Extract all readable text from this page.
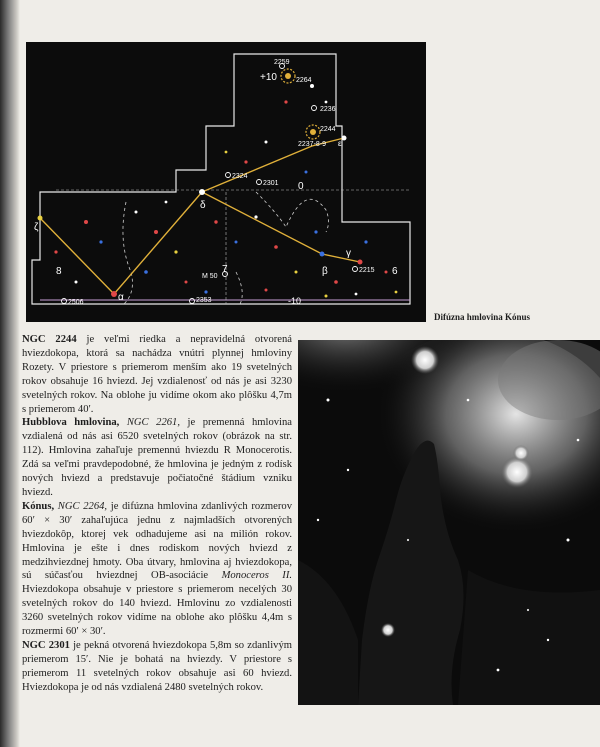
2259
2264
2236
2244
2237-8-9
2324
2301
2215
2506	2353
M 50
+10
0
-10
8	7	6
α
β
γ
δ
ζ
ε
Difúzna hmlovina Kónus

NGC 2244 je veľmi riedka a nepravidelná otvorená hviezdokopa, ktorá sa nachádza vnútri plynnej hmloviny Rozety. V priestore s priemerom menším ako 19 svetelných rokov obsahuje 16 hviezd. Jej vzdialenosť od nás je asi 3230 svetelných rokov. Na oblohe ju vidíme okom ako plôšku 4,7m s priemerom 40′.

Hubblova hmlovina, NGC 2261, je premenná hmlovina vzdialená od nás asi 6520 svetelných rokov (obrázok na str. 112). Hmlovina zahaľuje premennú hviezdu R Monocerotis. Zdá sa veľmi pravdepodobné, že hmlovina je jedným z rodísk nových hviezd a predstavuje počiatočné štádium vzniku hviezd.

Kónus, NGC 2264, je difúzna hmlovina zdanlivých rozmerov 60′ × 30′ zahaľujúca jednu z najmladších otvorených hviezdokôp, ktorej vek odhadujeme asi na milión rokov. Hmlovina je ešte i dnes rodiskom nových hviezd z medzihviezdnej hmoty. Oba útvary, hmlovina aj hviezdokopa, sú súčasťou hviezdnej OB-asociácie Monoceros II. Hviezdokopa obsahuje v priestore s priemerom necelých 30 svetelných rokov do 140 hviezd. Hmlovinu zo vzdialenosti 3260 svetelných rokov vidíme na oblohe ako plôšku 4,4m s rozmermi 60′ × 30′.

NGC 2301 je pekná otvorená hviezdokopa 5,8m so zdanlivým priemerom 15′. Nie je bohatá na hviezdy. V priestore s priemerom 11 svetelných rokov obsahuje asi 60 hviezd. Hviezdokopa je od nás vzdialená 2480 svetelných rokov.
